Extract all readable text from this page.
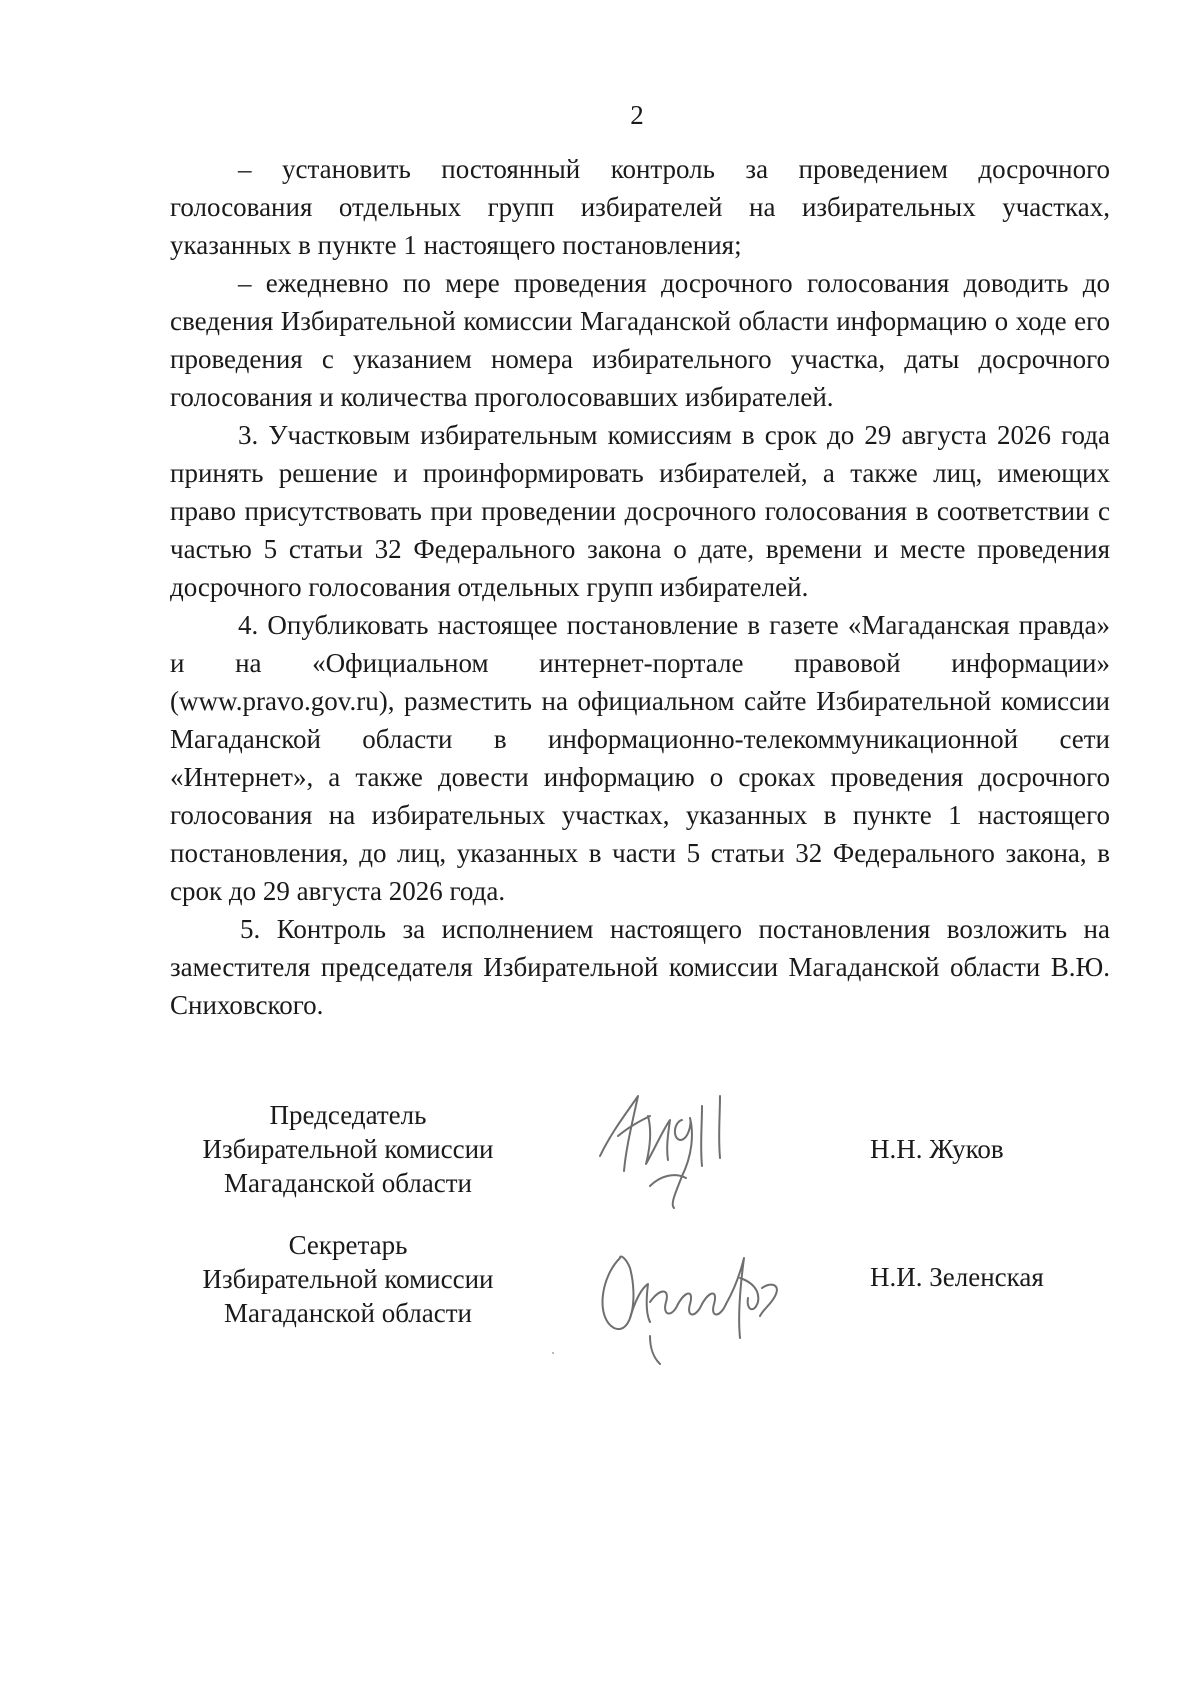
2

– установить постоянный контроль за проведением досрочного голосования отдельных групп избирателей на избирательных участках, указанных в пункте 1 настоящего постановления;

– ежедневно по мере проведения досрочного голосования доводить до сведения Избирательной комиссии Магаданской области информацию о ходе его проведения с указанием номера избирательного участка, даты досрочного голосования и количества проголосовавших избирателей.

3. Участковым избирательным комиссиям в срок до 29 августа 2026 года принять решение и проинформировать избирателей, а также лиц, имеющих право присутствовать при проведении досрочного голосования в соответствии с частью 5 статьи 32 Федерального закона о дате, времени и месте проведения досрочного голосования отдельных групп избирателей.

4. Опубликовать настоящее постановление в газете «Магаданская правда» и на «Официальном интернет-портале правовой информации» (www.pravo.gov.ru), разместить на официальном сайте Избирательной комиссии Магаданской области в информационно-телекоммуникационной сети «Интернет», а также довести информацию о сроках проведения досрочного голосования на избирательных участках, указанных в пункте 1 настоящего постановления, до лиц, указанных в части 5 статьи 32 Федерального закона, в срок до 29 августа 2026 года.

5. Контроль за исполнением настоящего постановления возложить на заместителя председателя Избирательной комиссии Магаданской области В.Ю. Сниховского.

Председатель
Избирательной комиссии
Магаданской области
Н.Н. Жуков
Секретарь
Избирательной комиссии
Магаданской области
Н.И. Зеленская
